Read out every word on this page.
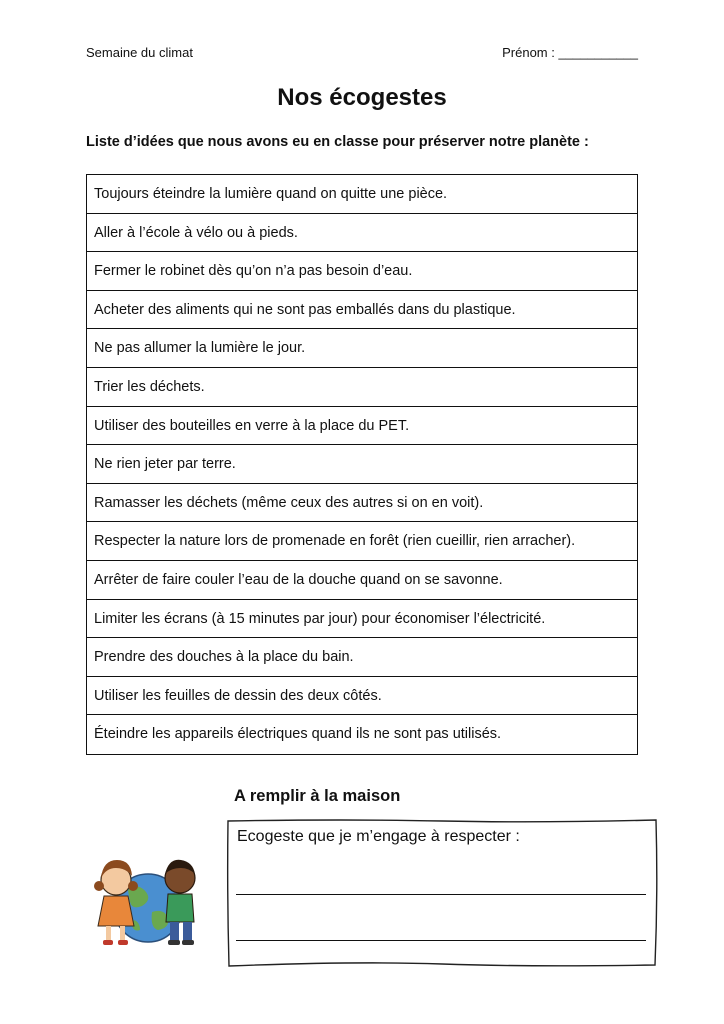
Semaine du climat	Prénom : ___________
Nos écogestes
Liste d’idées que nous avons eu en classe pour préserver notre planète :
Toujours éteindre la lumière quand on quitte une pièce.
Aller à l’école à vélo ou à pieds.
Fermer le robinet dès qu’on n’a pas besoin d’eau.
Acheter des aliments qui ne sont pas emballés dans du plastique.
Ne pas allumer la lumière le jour.
Trier les déchets.
Utiliser des bouteilles en verre à la place du PET.
Ne rien jeter par terre.
Ramasser les déchets (même ceux des autres si on en voit).
Respecter la nature lors de promenade en forêt (rien cueillir, rien arracher).
Arrêter de faire couler l’eau de la douche quand on se savonne.
Limiter les écrans (à 15 minutes par jour) pour économiser l’électricité.
Prendre des douches à la place du bain.
Utiliser les feuilles de dessin des deux côtés.
Éteindre les appareils électriques quand ils ne sont pas utilisés.
A remplir à la maison
Ecogeste que je m’engage à respecter :
